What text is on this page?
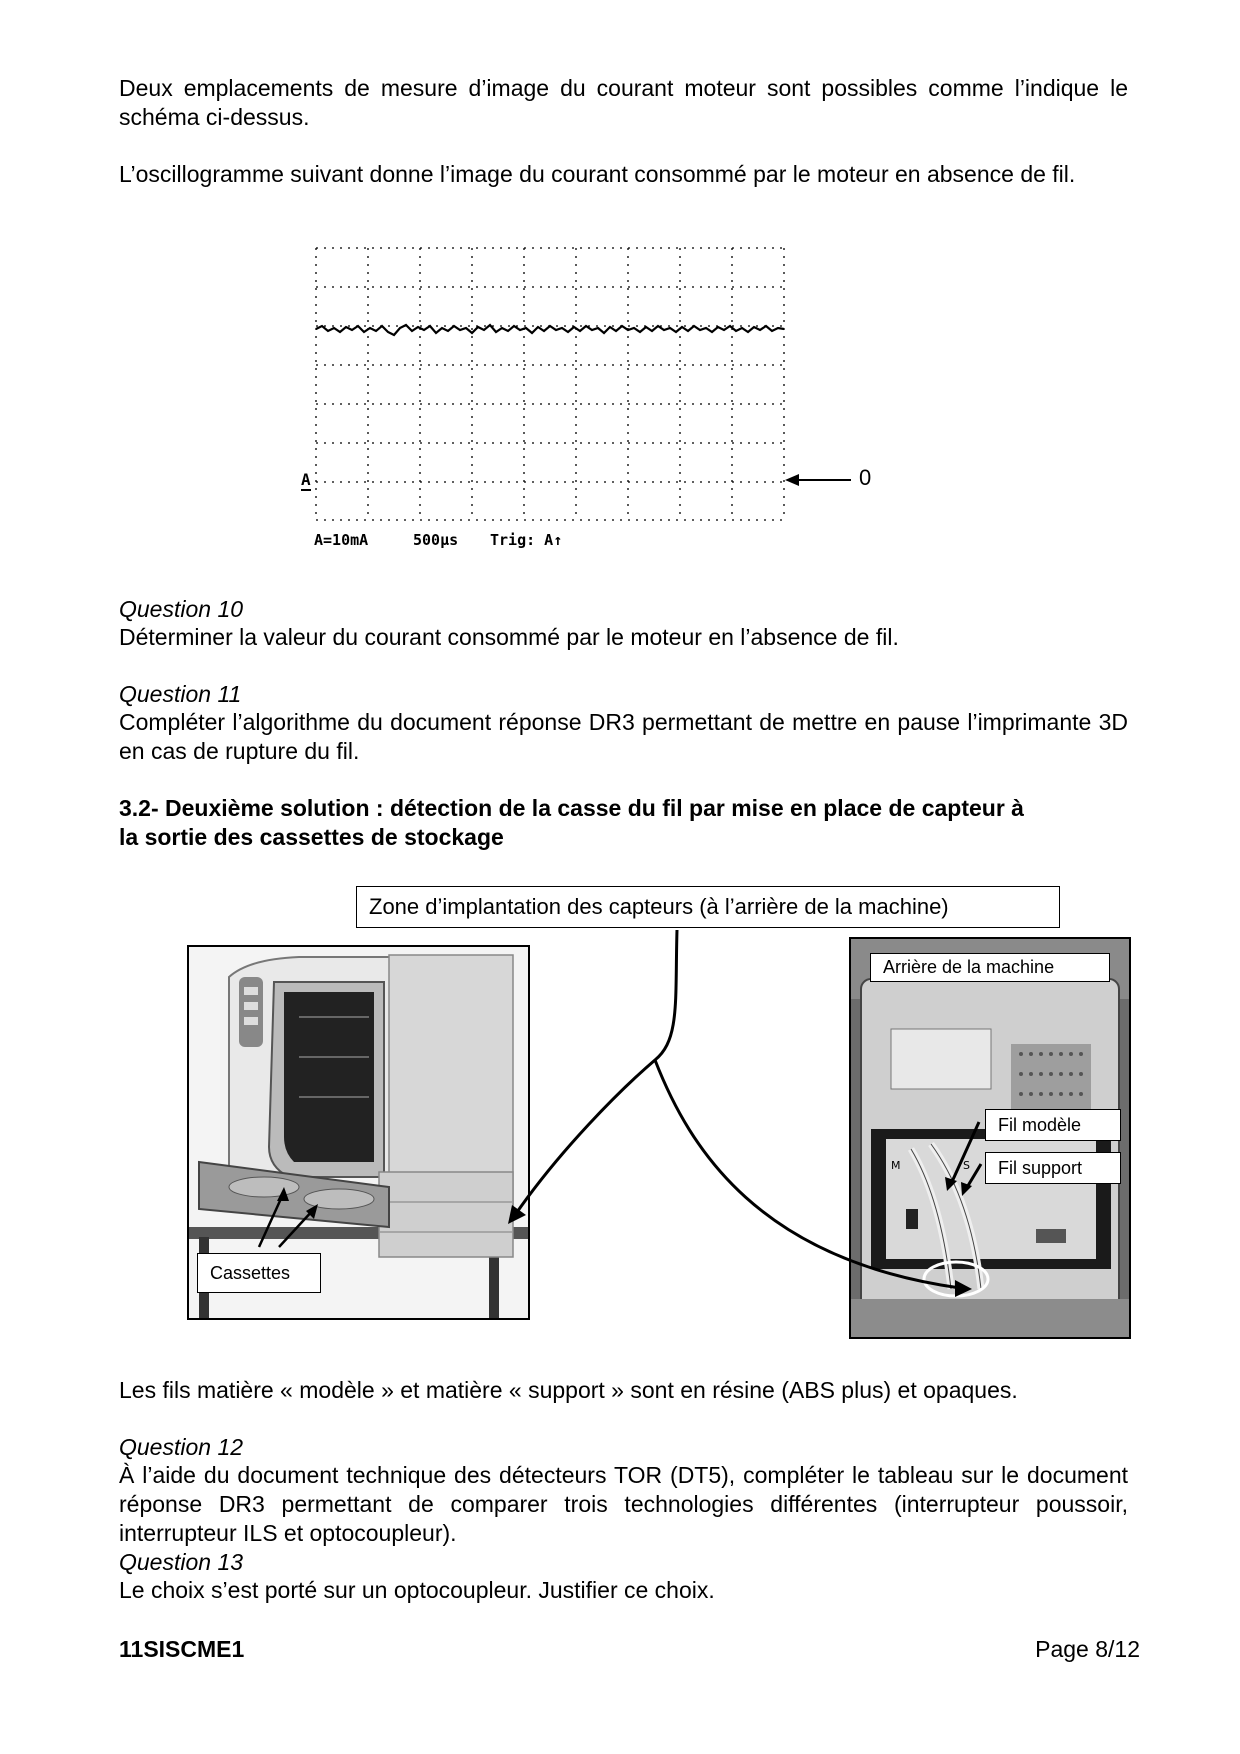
Deux emplacements de mesure d’image du courant moteur sont possibles comme l’indique le schéma ci-dessus.
L’oscillogramme suivant donne l’image du courant consommé par le moteur en absence de fil.
A
A=10mA	500µs Trig: A↑
0
Question 10
Déterminer la valeur du courant consommé par le moteur en l’absence de fil.
Question 11
Compléter l’algorithme du document réponse DR3 permettant de mettre en pause l’imprimante 3D en cas de rupture du fil.
3.2- Deuxième solution : détection de la casse du fil par mise en place de capteur à
la sortie des cassettes de stockage
Zone d’implantation des capteurs (à l’arrière de la machine)
Cassettes
M	S
Arrière de la machine
Fil modèle
Fil support
Les fils matière « modèle » et matière « support » sont en résine (ABS plus) et opaques.
Question 12
À l’aide du document technique des détecteurs TOR (DT5), compléter le tableau sur le document réponse DR3 permettant de comparer trois technologies différentes (interrupteur poussoir, interrupteur ILS et optocoupleur).
Question 13
Le choix s’est porté sur un optocoupleur. Justifier ce choix.
11SISCME1	Page 8/12
